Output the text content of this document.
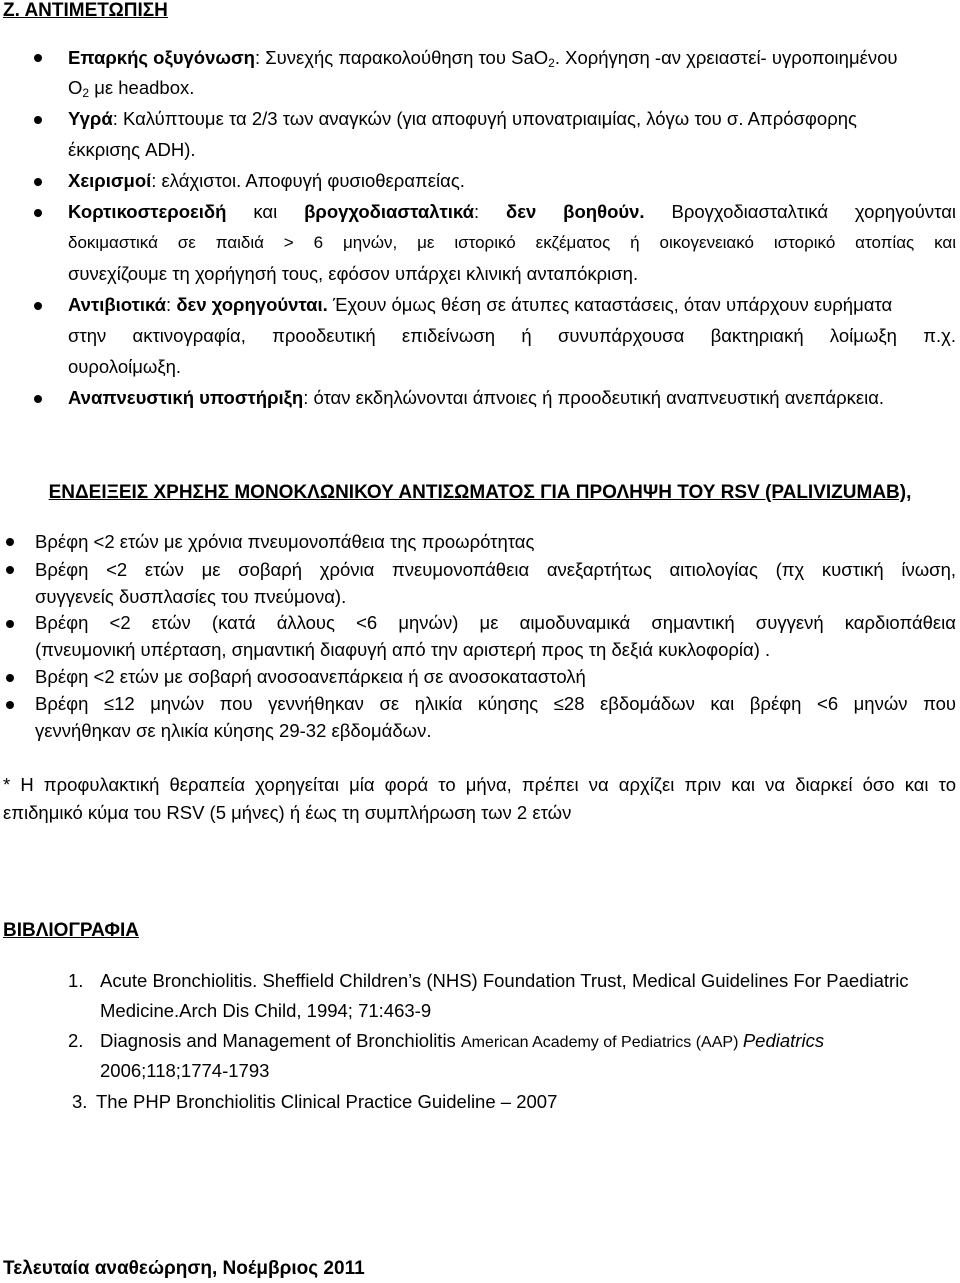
Ζ. ΑΝΤΙΜΕΤΩΠΙΣΗ
Επαρκής οξυγόνωση: Συνεχής παρακολούθηση του SaO$_2$. Χορήγηση -αν χρειαστεί- υγροποιημένου
$O_2$ με headbox.
Υγρά: Καλύπτουμε τα 2/3 των αναγκών (για αποφυγή υπονατριαιμίας, λόγω του σ. Απρόσφορης
έκκρισης ADH).
Χειρισμοί: ελάχιστοι. Αποφυγή φυσιοθεραπείας.
Κορτικοστεροειδή και βρογχοδιασταλτικά: δεν βοηθούν. Βρογχοδιασταλτικά χορηγούνται
δοκιμαστικά σε παιδιά > 6 μηνών, με ιστορικό εκζέματος ή οικογενειακό ιστορικό ατοπίας και
συνεχίζουμε τη χορήγησή τους, εφόσον υπάρχει κλινική ανταπόκριση.
Αντιβιοτικά: δεν χορηγούνται. Έχουν όμως θέση σε άτυπες καταστάσεις, όταν υπάρχουν ευρήματα
στην ακτινογραφία, προοδευτική επιδείνωση ή συνυπάρχουσα βακτηριακή λοίμωξη π.χ.
ουρολοίμωξη.
Αναπνευστική υποστήριξη: όταν εκδηλώνονται άπνοιες ή προοδευτική αναπνευστική ανεπάρκεια.
ΕΝΔΕΙΞΕΙΣ ΧΡΗΣΗΣ ΜΟΝΟΚΛΩΝΙΚΟΥ ΑΝΤΙΣΩΜΑΤΟΣ ΓΙΑ ΠΡΟΛΗΨΗ ΤΟΥ RSV (PALIVIZUMAB),
Βρέφη <2 ετών με χρόνια πνευμονοπάθεια της προωρότητας
Βρέφη <2 ετών με σοβαρή χρόνια πνευμονοπάθεια ανεξαρτήτως αιτιολογίας (πχ κυστική ίνωση,
συγγενείς δυσπλασίες του πνεύμονα).
Βρέφη <2 ετών (κατά άλλους <6 μηνών) με αιμοδυναμικά σημαντική συγγενή καρδιοπάθεια
(πνευμονική υπέρταση, σημαντική διαφυγή από την αριστερή προς τη δεξιά κυκλοφορία) .
Βρέφη <2 ετών με σοβαρή ανοσοανεπάρκεια ή σε ανοσοκαταστολή
Βρέφη ≤12 μηνών που γεννήθηκαν σε ηλικία κύησης ≤28 εβδομάδων και βρέφη <6 μηνών που
γεννήθηκαν σε ηλικία κύησης 29-32 εβδομάδων.
* Η προφυλακτική θεραπεία χορηγείται μία φορά το μήνα, πρέπει να αρχίζει πριν και να διαρκεί όσο και το
επιδημικό κύμα του RSV (5 μήνες) ή έως τη συμπλήρωση των 2 ετών
ΒΙΒΛΙΟΓΡΑΦΙΑ
1. Acute Bronchiolitis. Sheffield Children’s (NHS) Foundation Trust, Medical Guidelines For Paediatric
Medicine.Arch Dis Child, 1994; 71:463-9
2. Diagnosis and Management of Bronchiolitis American Academy of Pediatrics (AAP) Pediatrics
2006;118;1774-1793
3. The PHP Bronchiolitis Clinical Practice Guideline – 2007
Τελευταία αναθεώρηση, Νοέμβριος 2011
